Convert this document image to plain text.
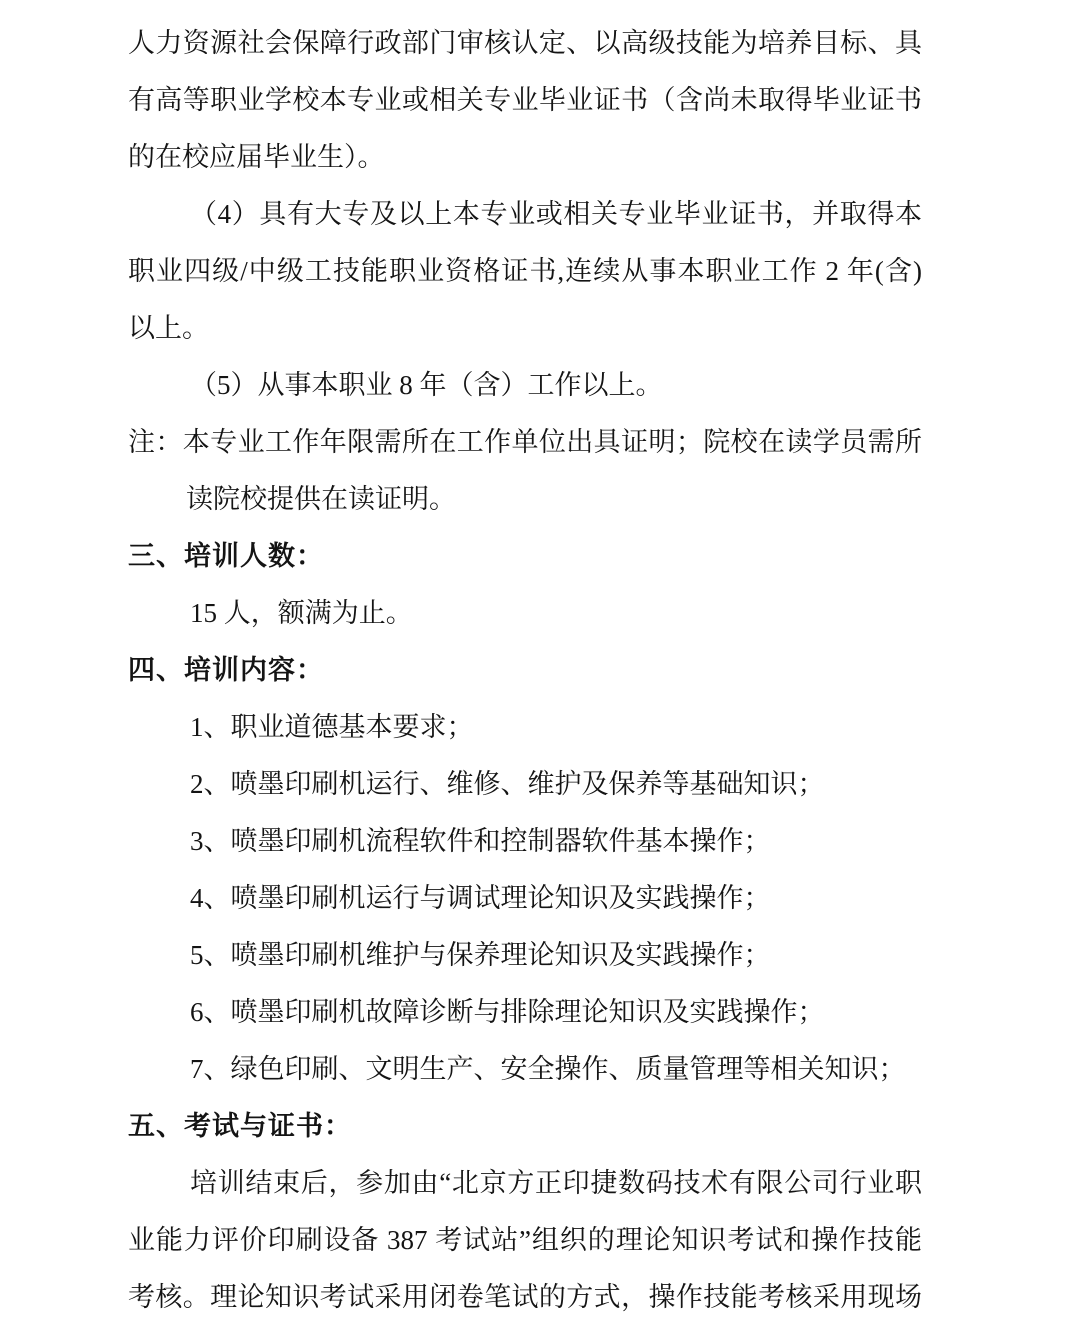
人力资源社会保障行政部门审核认定、以高级技能为培养目标、具
有高等职业学校本专业或相关专业毕业证书（含尚未取得毕业证书
的在校应届毕业生）。
（4）具有大专及以上本专业或相关专业毕业证书，并取得本
职业四级/中级工技能职业资格证书,连续从事本职业工作 2 年(含)
以上。
（5）从事本职业 8 年（含）工作以上。
注：本专业工作年限需所在工作单位出具证明；院校在读学员需所
读院校提供在读证明。
三、培训人数：
15 人，额满为止。
四、培训内容：
1、职业道德基本要求；
2、喷墨印刷机运行、维修、维护及保养等基础知识；
3、喷墨印刷机流程软件和控制器软件基本操作；
4、喷墨印刷机运行与调试理论知识及实践操作；
5、喷墨印刷机维护与保养理论知识及实践操作；
6、喷墨印刷机故障诊断与排除理论知识及实践操作；
7、绿色印刷、文明生产、安全操作、质量管理等相关知识；
五、考试与证书：
培训结束后，参加由“北京方正印捷数码技术有限公司行业职
业能力评价印刷设备 387 考试站”组织的理论知识考试和操作技能
考核。理论知识考试采用闭卷笔试的方式，操作技能考核采用现场
